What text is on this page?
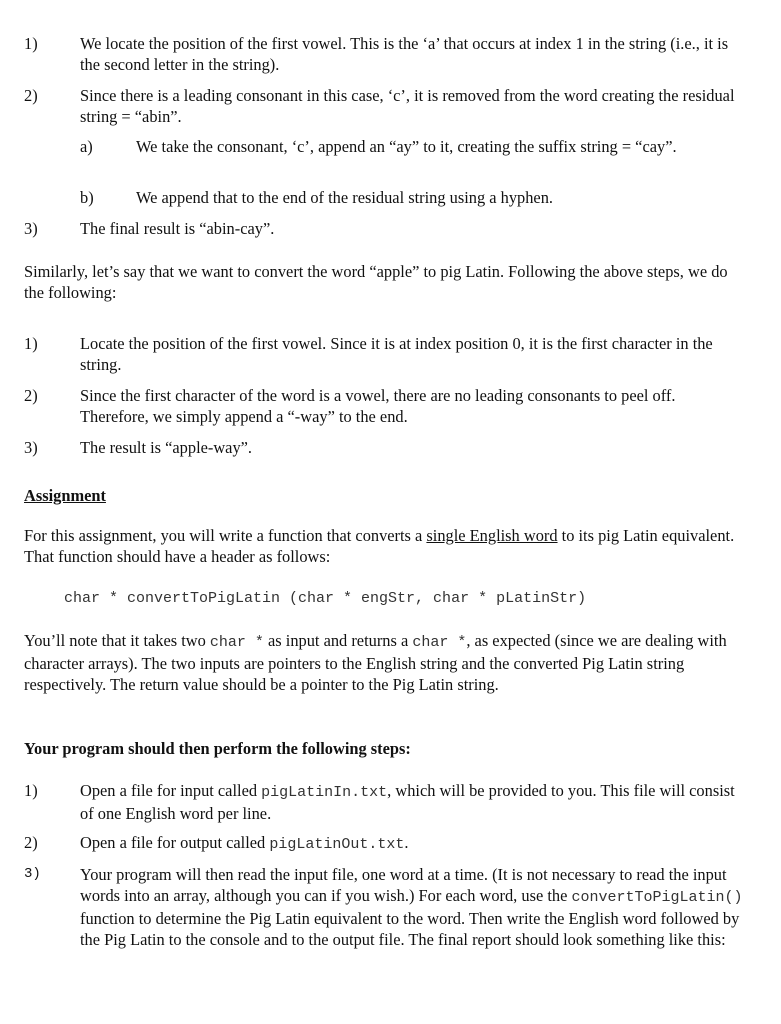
1)	We locate the position of the first vowel. This is the ‘a’ that occurs at index 1 in the string (i.e., it is the second letter in the string).
2)	Since there is a leading consonant in this case, ‘c’, it is removed from the word creating the residual string = “abin”.
a)	We take the consonant, ‘c’, append an “ay” to it, creating the suffix string = “cay”.
b)	We append that to the end of the residual string using a hyphen.
3)	The final result is “abin-cay”.
Similarly, let’s say that we want to convert the word “apple” to pig Latin. Following the above steps, we do the following:
1)	Locate the position of the first vowel. Since it is at index position 0, it is the first character in the string.
2)	Since the first character of the word is a vowel, there are no leading consonants to peel off. Therefore, we simply append a “-way” to the end.
3)	The result is “apple-way”.
Assignment
For this assignment, you will write a function that converts a single English word to its pig Latin equivalent. That function should have a header as follows:
char * convertToPigLatin (char * engStr, char * pLatinStr)
You’ll note that it takes two char * as input and returns a char *, as expected (since we are dealing with character arrays). The two inputs are pointers to the English string and the converted Pig Latin string respectively. The return value should be a pointer to the Pig Latin string.
Your program should then perform the following steps:
1)	Open a file for input called pigLatinIn.txt, which will be provided to you. This file will consist of one English word per line.
2)	Open a file for output called pigLatinOut.txt.
3) Your program will then read the input file, one word at a time. (It is not necessary to read the input words into an array, although you can if you wish.) For each word, use the convertToPigLatin() function to determine the Pig Latin equivalent to the word. Then write the English word followed by the Pig Latin to the console and to the output file. The final report should look something like this:
